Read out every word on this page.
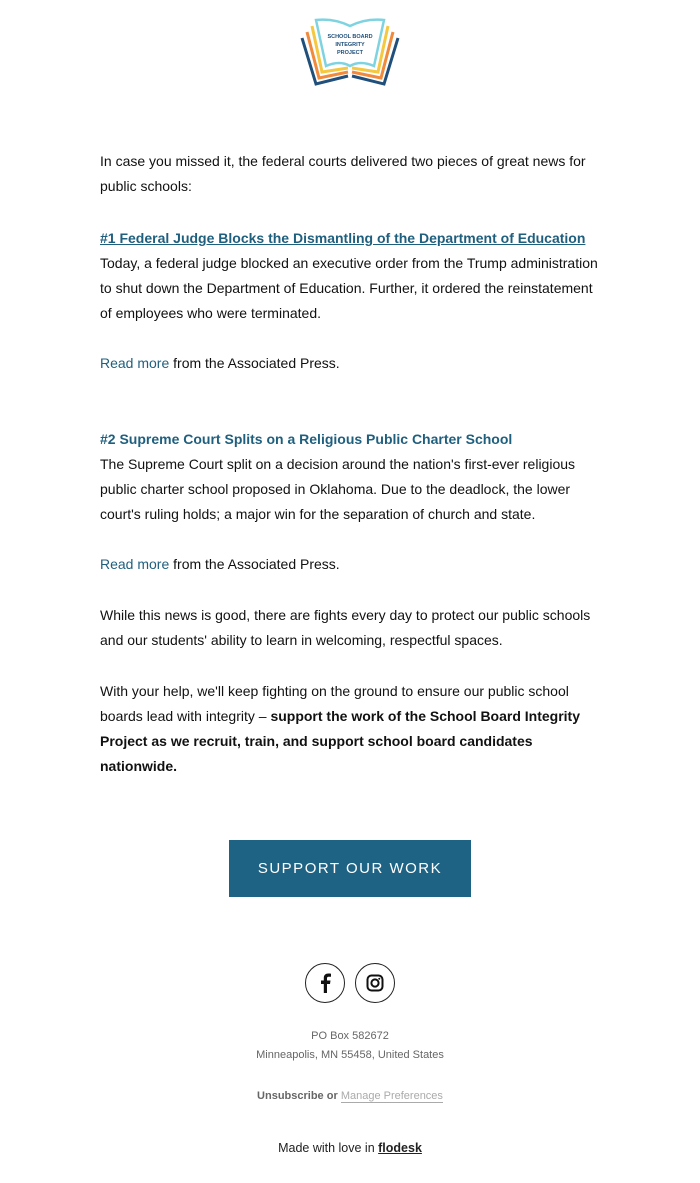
SCHOOL BOARD
INTEGRITY
PROJECT

In case you missed it, the federal courts delivered two pieces of great news for public schools:

#1 Federal Judge Blocks the Dismantling of the Department of Education

Today, a federal judge blocked an executive order from the Trump administration to shut down the Department of Education. Further, it ordered the reinstatement of employees who were terminated.

Read more from the Associated Press.

#2 Supreme Court Splits on a Religious Public Charter School

The Supreme Court split on a decision around the nation's first-ever religious public charter school proposed in Oklahoma. Due to the deadlock, the lower court's ruling holds; a major win for the separation of church and state.

Read more from the Associated Press.

While this news is good, there are fights every day to protect our public schools and our students' ability to learn in welcoming, respectful spaces.

With your help, we'll keep fighting on the ground to ensure our public school boards lead with integrity – support the work of the School Board Integrity Project as we recruit, train, and support school board candidates nationwide.

SUPPORT OUR WORK
PO Box 582672
Minneapolis, MN 55458, United States
Unsubscribe or Manage Preferences
Made with love in flodesk
